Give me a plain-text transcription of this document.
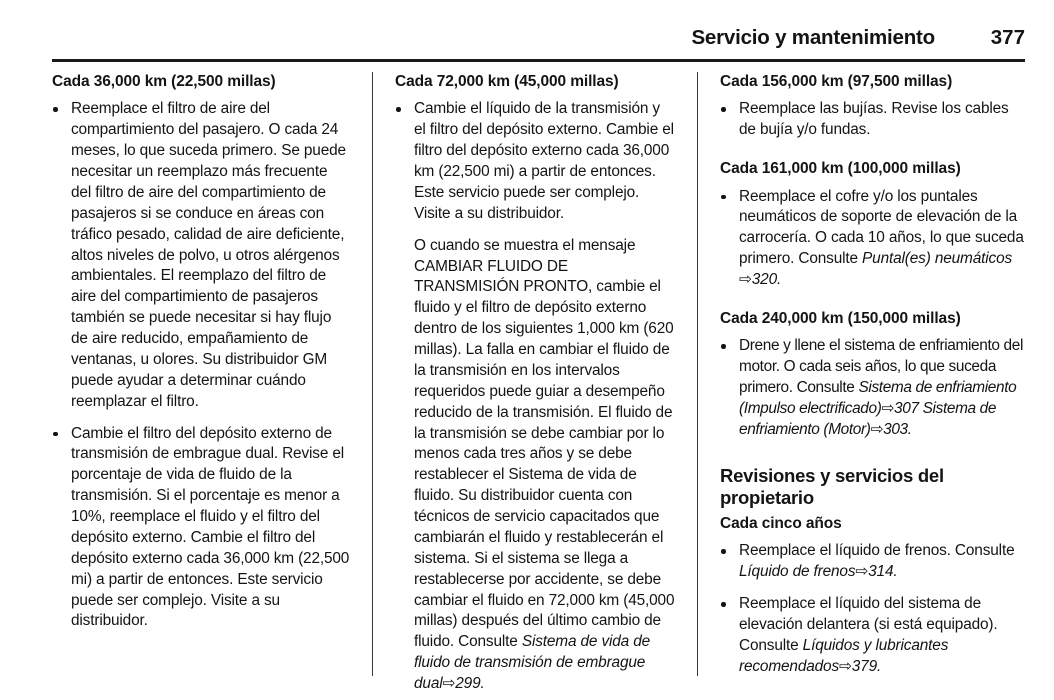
Servicio y mantenimiento	377
Cada 36,000 km (22,500 millas)

Reemplace el filtro de aire del compartimiento del pasajero. O cada 24 meses, lo que suceda primero. Se puede necesitar un reemplazo más frecuente del filtro de aire del compartimiento de pasajeros si se conduce en áreas con tráfico pesado, calidad de aire deficiente, altos niveles de polvo, u otros alérgenos ambientales. El reemplazo del filtro de aire del compartimiento de pasajeros también se puede necesitar si hay flujo de aire reducido, empañamiento de ventanas, u olores. Su distribuidor GM puede ayudar a determinar cuándo reemplazar el filtro.

Cambie el filtro del depósito externo de transmisión de embrague dual. Revise el porcentaje de vida de fluido de la transmisión. Si el porcentaje es menor a 10%, reemplace el fluido y el filtro del depósito externo. Cambie el filtro del depósito externo cada 36,000 km (22,500 mi) a partir de entonces. Este servicio puede ser complejo. Visite a su distribuidor.

Cada 72,000 km (45,000 millas)

Cambie el líquido de la transmisión y el filtro del depósito externo. Cambie el filtro del depósito externo cada 36,000 km (22,500 mi) a partir de entonces. Este servicio puede ser complejo. Visite a su distribuidor.

O cuando se muestra el mensaje CAMBIAR FLUIDO DE TRANSMISIÓN PRONTO, cambie el fluido y el filtro de depósito externo dentro de los siguientes 1,000 km (620 millas). La falla en cambiar el fluido de la transmisión en los intervalos requeridos puede guiar a desempeño reducido de la transmisión. El fluido de la transmisión se debe cambiar por lo menos cada tres años y se debe restablecer el Sistema de vida de fluido. Su distribuidor cuenta con técnicos de servicio capacitados que cambiarán el fluido y restablecerán el sistema. Si el sistema se llega a restablecerse por accidente, se debe cambiar el fluido en 72,000 km (45,000 millas) después del último cambio de fluido. Consulte Sistema de vida de fluido de transmisión de embrague dual⇨299.

Cada 156,000 km (97,500 millas)

Reemplace las bujías. Revise los cables de bujía y/o fundas.

Cada 161,000 km (100,000 millas)

Reemplace el cofre y/o los puntales neumáticos de soporte de elevación de la carrocería. O cada 10 años, lo que suceda primero. Consulte Puntal(es) neumáticos
⇨320.

Cada 240,000 km (150,000 millas)

Drene y llene el sistema de enfriamiento del motor. O cada seis años, lo que suceda primero. Consulte Sistema de enfriamiento (Impulso electrificado)⇨307 Sistema de enfriamiento (Motor)⇨303.

Revisiones y servicios del propietario
Cada cinco años

Reemplace el líquido de frenos. Consulte Líquido de frenos⇨314.

Reemplace el líquido del sistema de elevación delantera (si está equipado). Consulte Líquidos y lubricantes recomendados⇨379.
